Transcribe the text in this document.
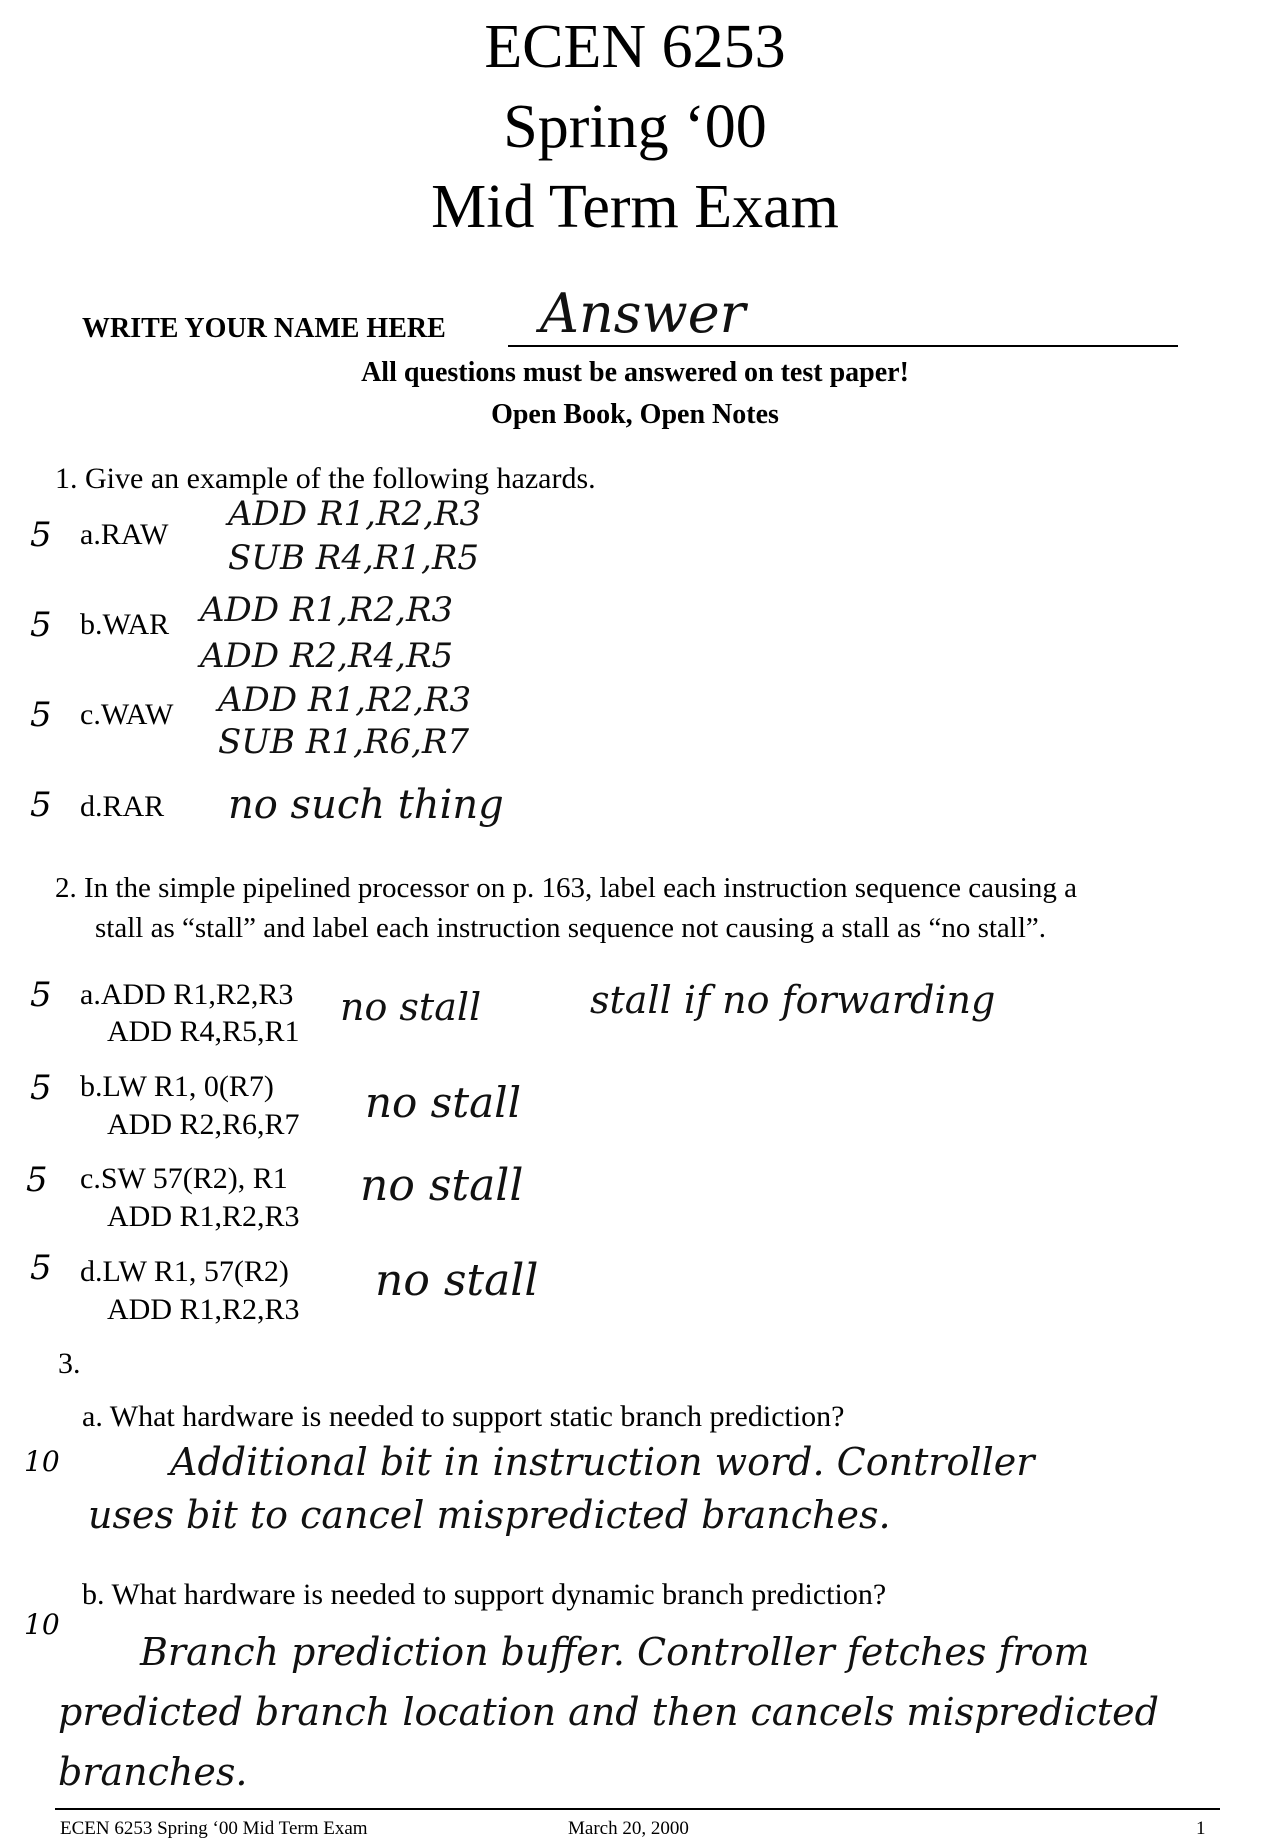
ECEN 6253
Spring ‘00
Mid Term Exam
WRITE YOUR NAME HERE Answer
All questions must be answered on test paper!
Open Book, Open Notes
1. Give an example of the following hazards.
5 a.RAW
ADD R1,R2,R3
SUB R4,R1,R5
5 b.WAR ADD R1,R2,R3
ADD R2,R4,R5
5 c.WAW ADD R1,R2,R3
SUB R1,R6,R7
5 d.RAR no such thing
2. In the simple pipelined processor on p. 163, label each instruction sequence causing a
stall as “stall” and label each instruction sequence not causing a stall as “no stall”.
5 a.ADD R1,R2,R3
ADD R4,R5,R1
no stall	stall if no forwarding
5 b.LW R1, 0(R7)
ADD R2,R6,R7 no stall
5 c.SW 57(R2), R1
ADD R1,R2,R3
no stall
5 d.LW R1, 57(R2)
ADD R1,R2,R3
no stall
3.
a. What hardware is needed to support static branch prediction?
10	Additional bit in instruction word. Controller
uses bit to cancel mispredicted branches.
b. What hardware is needed to support dynamic branch prediction?
10
Branch prediction buffer. Controller fetches from
predicted branch location and then cancels mispredicted
branches.
ECEN 6253 Spring ‘00 Mid Term Exam	March 20, 2000	1
